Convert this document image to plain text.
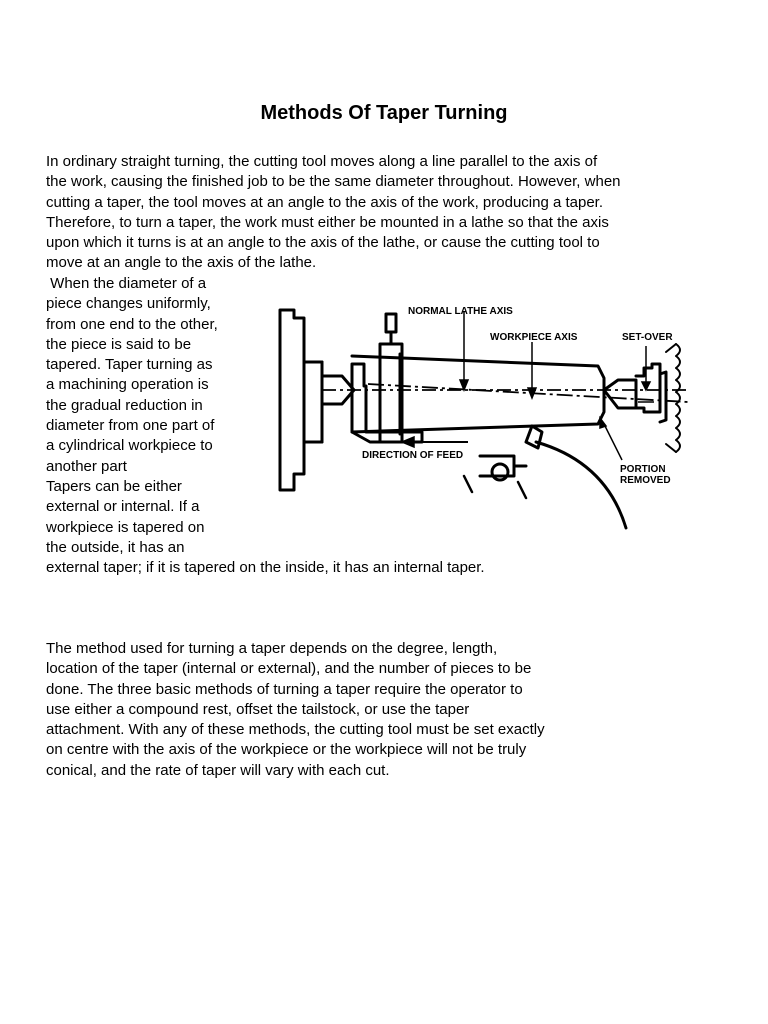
Methods Of Taper Turning

In ordinary straight turning, the cutting tool moves along a line parallel to the axis of
the work, causing the finished job to be the same diameter throughout. However, when
cutting a taper, the tool moves at an angle to the axis of the work, producing a taper.
Therefore, to turn a taper, the work must either be mounted in a lathe so that the axis
upon which it turns is at an angle to the axis of the lathe, or cause the cutting tool to
move at an angle to the axis of the lathe.

When the diameter of a
piece changes uniformly,
from one end to the other,
the piece is said to be
tapered. Taper turning as
a machining operation is
the gradual reduction in
diameter from one part of
a cylindrical workpiece to
another part
Tapers can be either
external or internal. If a
workpiece is tapered on
the outside, it has an
external taper; if it is tapered on the inside, it has an internal taper.

NORMAL LATHE AXIS
WORKPIECE AXIS	SET-OVER
DIRECTION OF FEED
PORTION
REMOVED

The method used for turning a taper depends on the degree, length,
location of the taper (internal or external), and the number of pieces to be
done. The three basic methods of turning a taper require the operator to
use either a compound rest, offset the tailstock, or use the taper
attachment. With any of these methods, the cutting tool must be set exactly
on centre with the axis of the workpiece or the workpiece will not be truly
conical, and the rate of taper will vary with each cut.
